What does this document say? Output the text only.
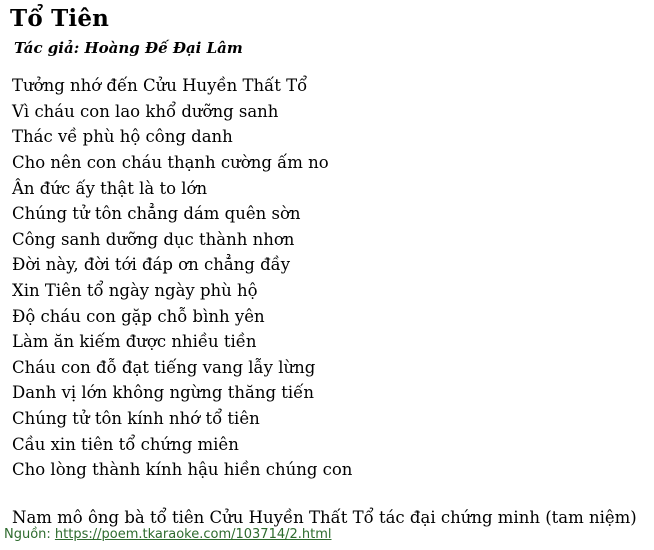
Tổ Tiên
Tác giả: Hoàng Đế Đại Lâm
Tưởng nhớ đến Cửu Huyền Thất Tổ
Vì cháu con lao khổ dưỡng sanh
Thác về phù hộ công danh
Cho nên con cháu thạnh cường ấm no
Ân đức ấy thật là to lớn
Chúng tử tôn chẳng dám quên sờn
Công sanh dưỡng dục thành nhơn
Đời này, đời tới đáp ơn chẳng đầy
Xin Tiên tổ ngày ngày phù hộ
Độ cháu con gặp chỗ bình yên
Làm ăn kiếm được nhiều tiền
Cháu con đỗ đạt tiếng vang lẫy lừng
Danh vị lớn không ngừng thăng tiến
Chúng tử tôn kính nhớ tổ tiên
Cầu xin tiên tổ chứng miên
Cho lòng thành kính hậu hiền chúng con
Nam mô ông bà tổ tiên Cửu Huyền Thất Tổ tác đại chứng minh (tam niệm)
Nguồn: https://poem.tkaraoke.com/103714/2.html
